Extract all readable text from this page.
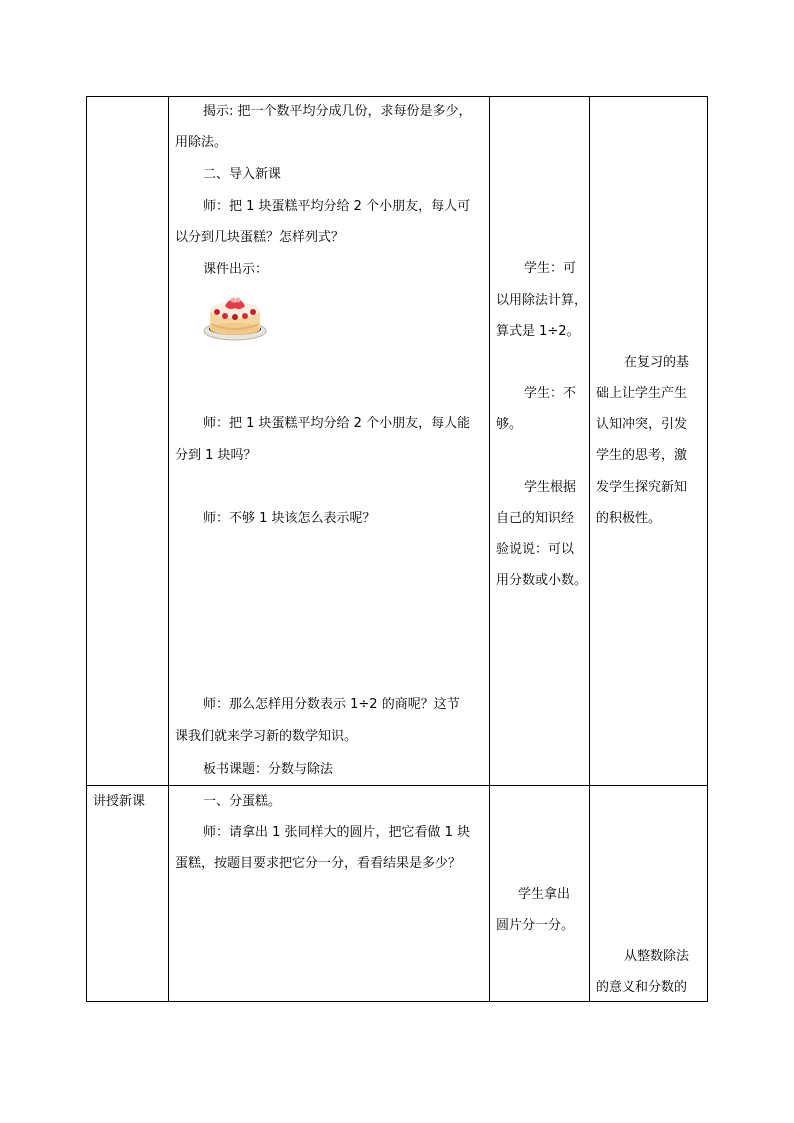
揭示: 把一个数平均分成几份，求每份是多少，
用除法。
二、导入新课
师：把 1 块蛋糕平均分给 2 个小朋友，每人可
以分到几块蛋糕？怎样列式？
课件出示：
师：把 1 块蛋糕平均分给 2 个小朋友，每人能
分到 1 块吗？
师：不够 1 块该怎么表示呢？
师：那么怎样用分数表示 1÷2 的商呢？这节
课我们就来学习新的数学知识。
板书课题：分数与除法
学生：可
以用除法计算，
算式是 1÷2。
学生：不
够。
学生根据
自己的知识经
验说说：可以
用分数或小数。
在复习的基
础上让学生产生
认知冲突，引发
学生的思考，激
发学生探究新知
的积极性。
讲授新课	一、分蛋糕。
师：请拿出 1 张同样大的圆片，把它看做 1 块
蛋糕，按题目要求把它分一分，看看结果是多少？
学生拿出
圆片分一分。
从整数除法
的意义和分数的
